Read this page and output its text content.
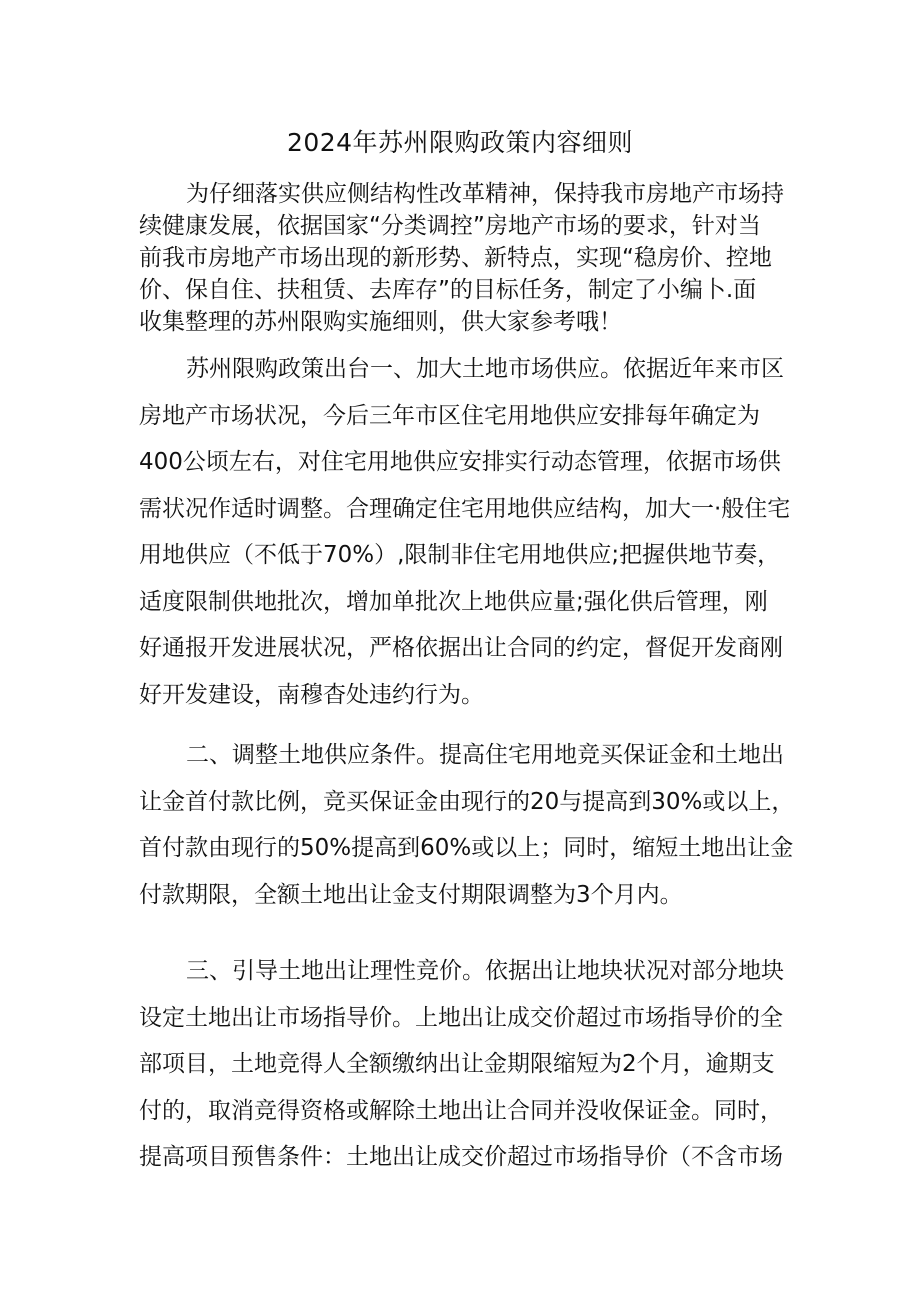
2024年苏州限购政策内容细则
为仔细落实供应侧结构性改革精神，保持我市房地产市场持
续健康发展，依据国家“分类调控”房地产市场的要求，针对当
前我市房地产市场出现的新形势、新特点，实现“稳房价、控地
价、保自住、扶租赁、去库存”的目标任务，制定了小编卜.面
收集整理的苏州限购实施细则，供大家参考哦！
苏州限购政策出台一、加大土地市场供应。依据近年来市区
房地产市场状况，今后三年市区住宅用地供应安排每年确定为
400公顷左右，对住宅用地供应安排实行动态管理，依据市场供
需状况作适时调整。合理确定住宅用地供应结构，加大一·般住宅
用地供应（不低于70%）,限制非住宅用地供应;把握供地节奏，
适度限制供地批次，增加单批次上地供应量;强化供后管理，刚
好通报开发进展状况，严格依据出让合同的约定，督促开发商刚
好开发建设，南穆杳处违约行为。
二、调整土地供应条件。提高住宅用地竞买保证金和土地出
让金首付款比例，竞买保证金由现行的20与提高到30%或以上，
首付款由现行的50%提高到60%或以上；同时，缩短土地出让金
付款期限，全额土地出让金支付期限调整为3个月内。
三、引导土地出让理性竞价。依据出让地块状况对部分地块
设定土地出让市场指导价。上地出让成交价超过市场指导价的全
部项目，土地竞得人全额缴纳出让金期限缩短为2个月，逾期支
付的，取消竞得资格或解除土地出让合同并没收保证金。同时，
提高项目预售条件：土地出让成交价超过市场指导价（不含市场
